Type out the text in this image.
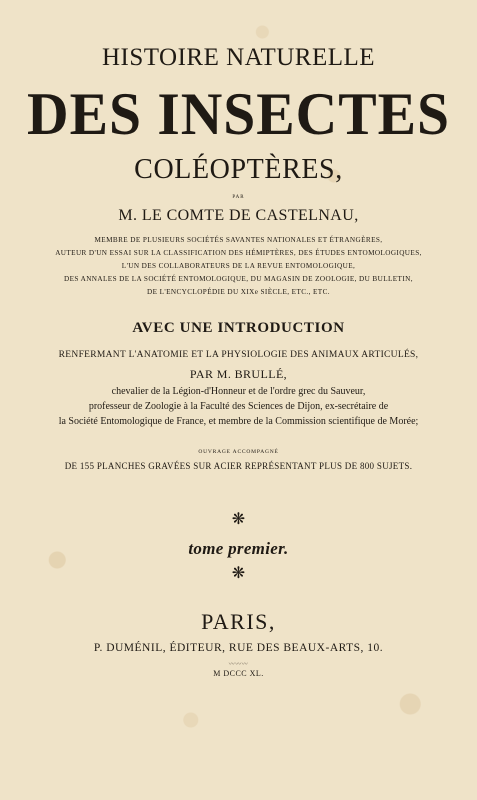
HISTOIRE NATURELLE
DES INSECTES
COLÉOPTÈRES,
PAR
M. LE COMTE DE CASTELNAU,
MEMBRE DE PLUSIEURS SOCIÉTÉS SAVANTES NATIONALES ET ÉTRANGÈRES,
AUTEUR D'UN ESSAI SUR LA CLASSIFICATION DES HÉMIPTÈRES, DES ÉTUDES ENTOMOLOGIQUES,
L'UN DES COLLABORATEURS DE LA REVUE ENTOMOLOGIQUE,
DES ANNALES DE LA SOCIÉTÉ ENTOMOLOGIQUE, DU MAGASIN DE ZOOLOGIE, DU BULLETIN,
DE L'ENCYCLOPÉDIE DU XIXe SIÈCLE, ETC., ETC.
AVEC UNE INTRODUCTION
RENFERMANT L'ANATOMIE ET LA PHYSIOLOGIE DES ANIMAUX ARTICULÉS,
PAR M. BRULLÉ,
chevalier de la Légion-d'Honneur et de l'ordre grec du Sauveur,
professeur de Zoologie à la Faculté des Sciences de Dijon, ex-secrétaire de
la Société Entomologique de France, et membre de la Commission scientifique de Morée;
OUVRAGE ACCOMPAGNÉ
DE 155 PLANCHES GRAVÉES SUR ACIER REPRÉSENTANT PLUS DE 800 SUJETS.
❋
tome premier.
❋
PARIS,
P. DUMÉNIL, ÉDITEUR, RUE DES BEAUX-ARTS, 10.
〰〰〰
M DCCC XL.
